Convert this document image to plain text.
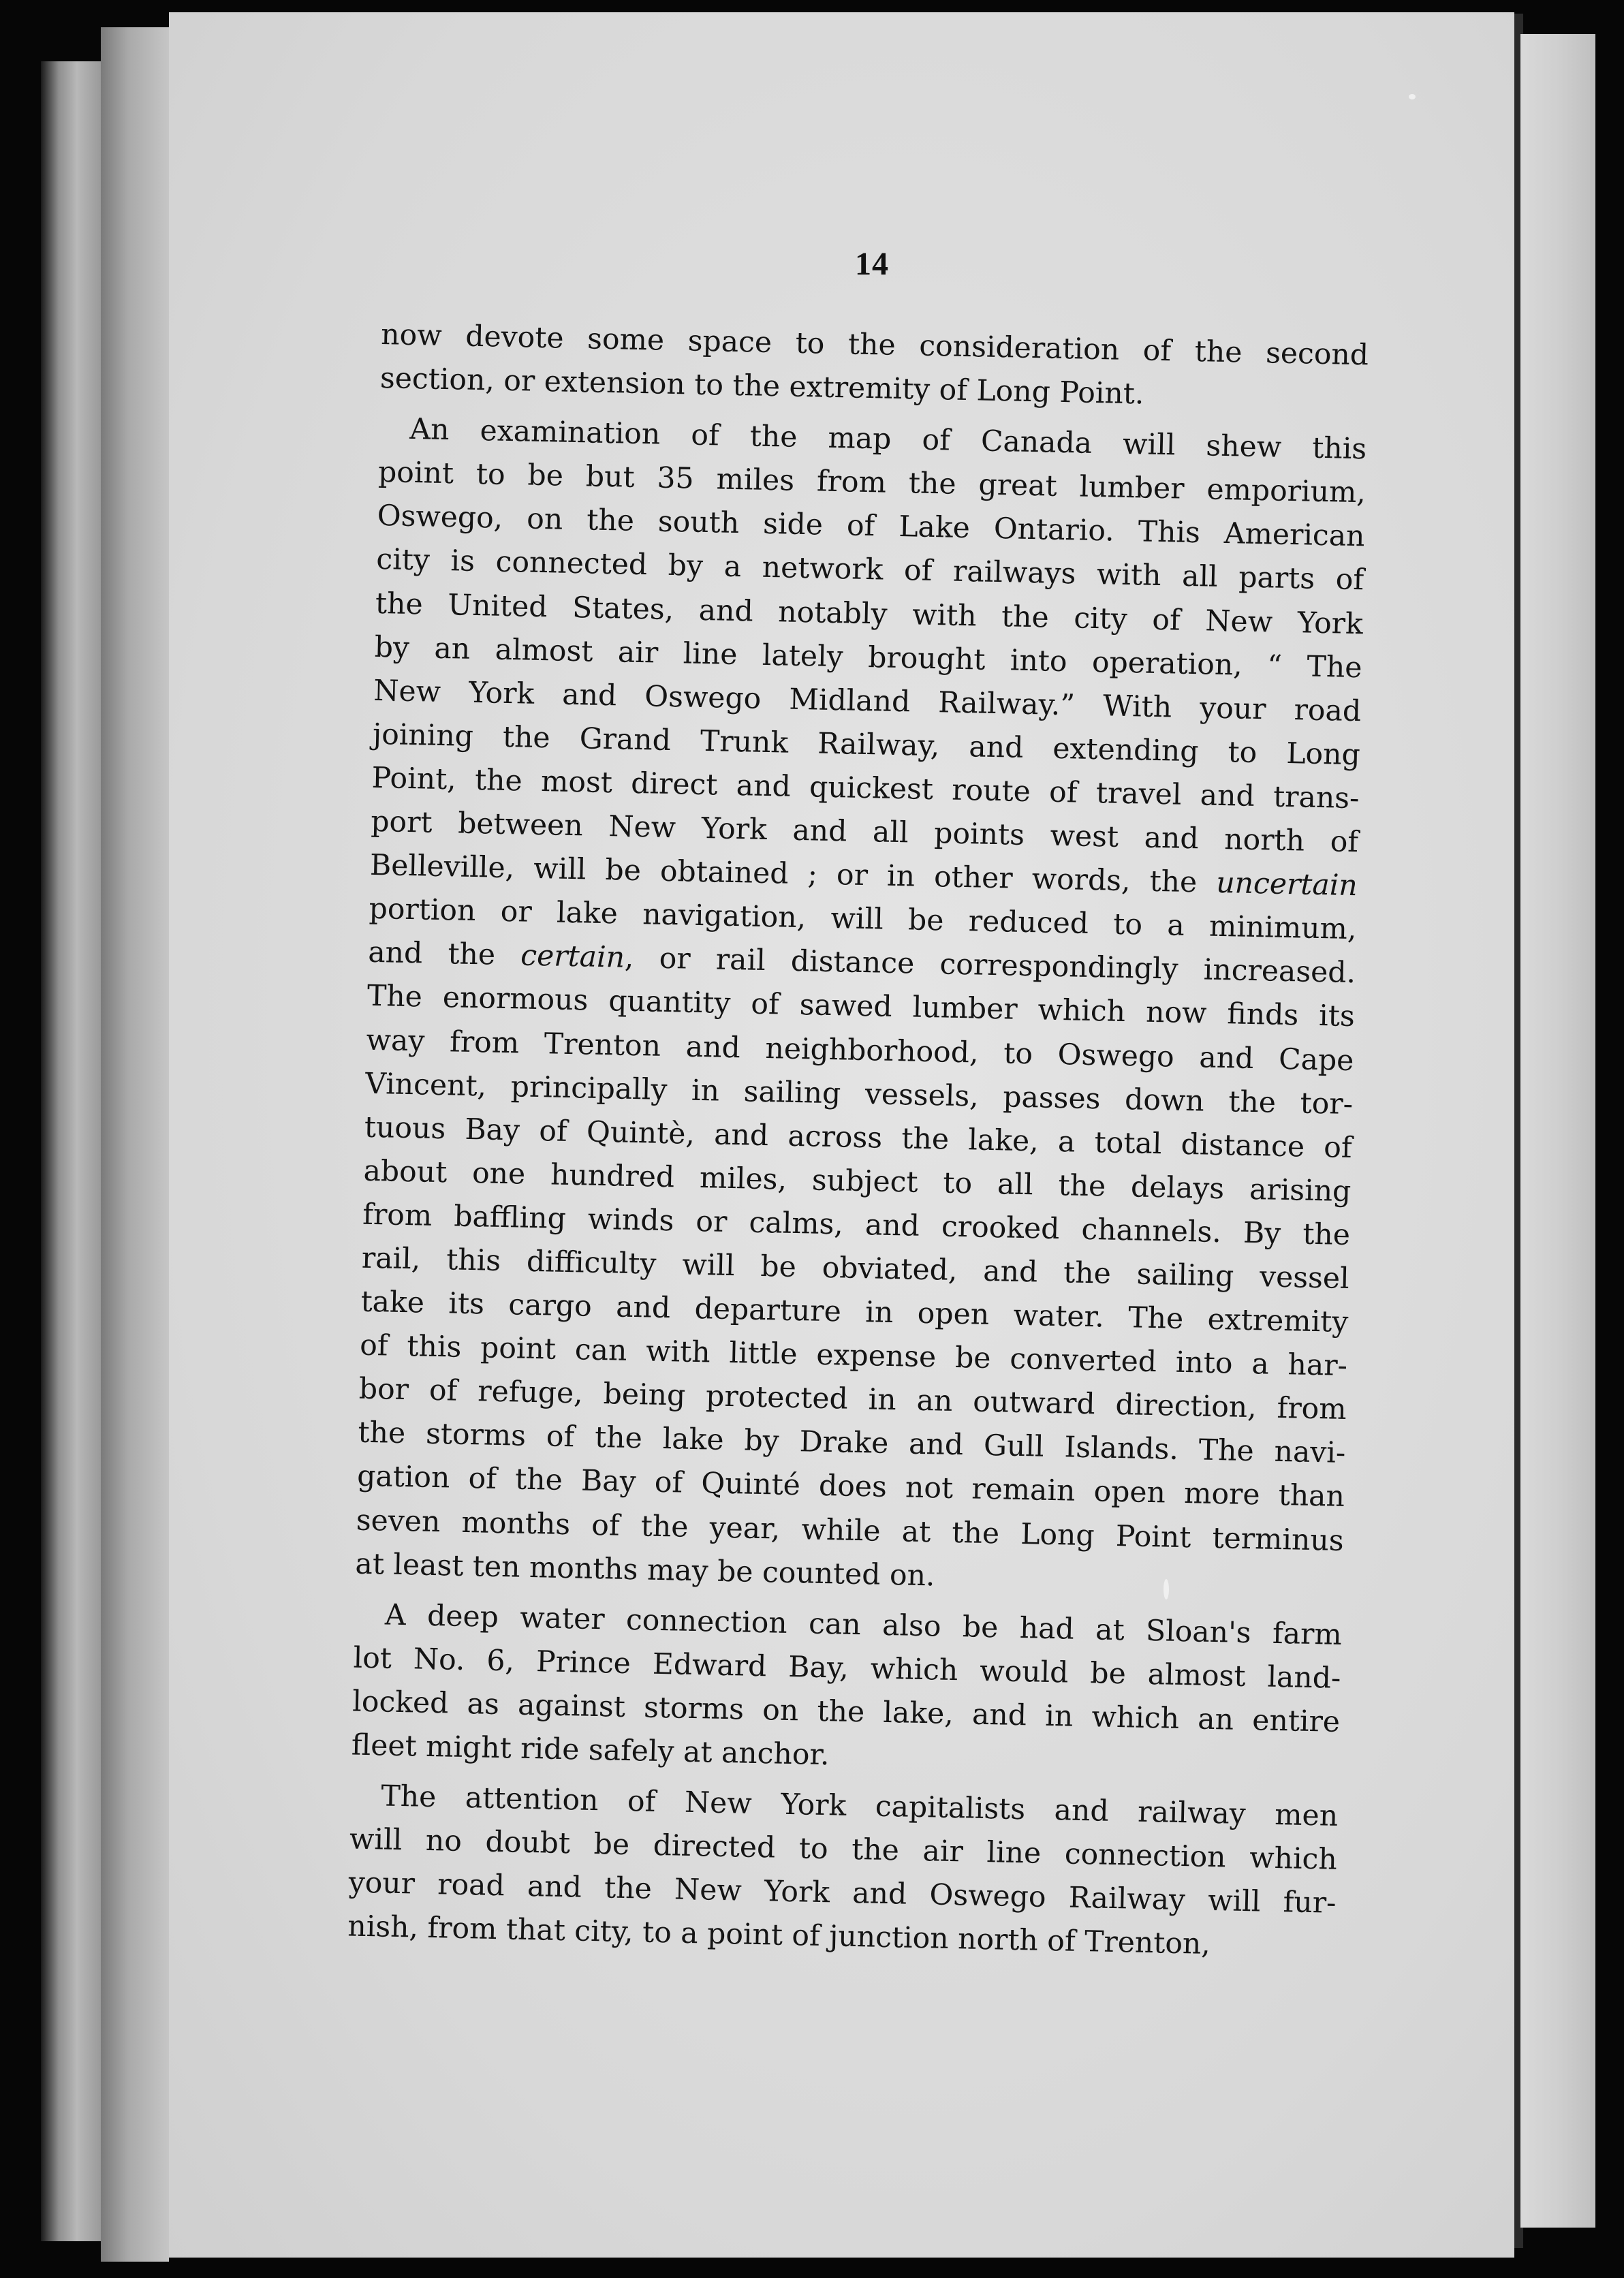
14
now devote some space to the consideration of the second
section, or extension to the extremity of Long Point.
An examination of the map of Canada will shew this
point to be but 35 miles from the great lumber emporium,
Oswego, on the south side of Lake Ontario. This American
city is connected by a network of railways with all parts of
the United States, and notably with the city of New York
by an almost air line lately brought into operation, “ The
New York and Oswego Midland Railway.” With your road
joining the Grand Trunk Railway, and extending to Long
Point, the most direct and quickest route of travel and trans-
port between New York and all points west and north of
Belleville, will be obtained ; or in other words, the uncertain
portion or lake navigation, will be reduced to a minimum,
and the certain, or rail distance correspondingly increased.
The enormous quantity of sawed lumber which now finds its
way from Trenton and neighborhood, to Oswego and Cape
Vincent, principally in sailing vessels, passes down the tor-
tuous Bay of Quintè, and across the lake, a total distance of
about one hundred miles, subject to all the delays arising
from baffling winds or calms, and crooked channels. By the
rail, this difficulty will be obviated, and the sailing vessel
take its cargo and departure in open water. The extremity
of this point can with little expense be converted into a har-
bor of refuge, being protected in an outward direction, from
the storms of the lake by Drake and Gull Islands. The navi-
gation of the Bay of Quinté does not remain open more than
seven months of the year, while at the Long Point terminus
at least ten months may be counted on.
A deep water connection can also be had at Sloan's farm
lot No. 6, Prince Edward Bay, which would be almost land-
locked as against storms on the lake, and in which an entire
fleet might ride safely at anchor.
The attention of New York capitalists and railway men
will no doubt be directed to the air line connection which
your road and the New York and Oswego Railway will fur-
nish, from that city, to a point of junction north of Trenton,
